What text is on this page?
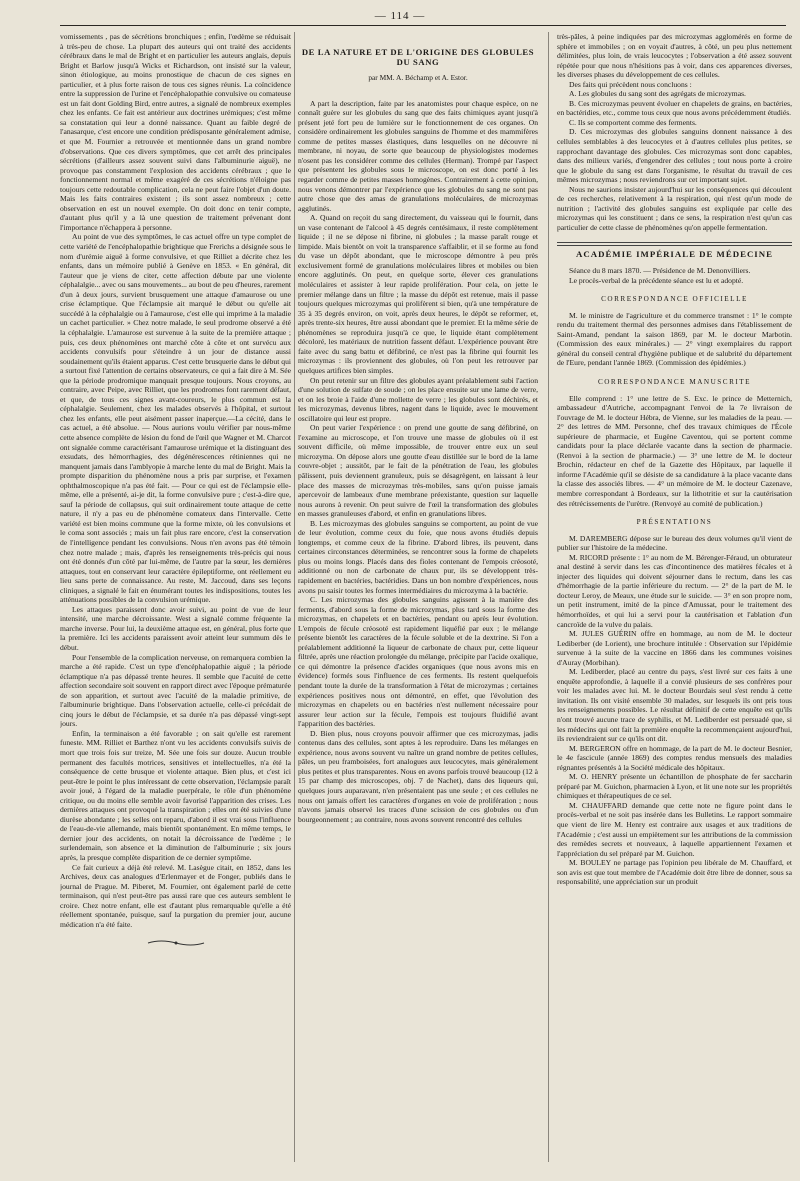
— 114 —

vomissements , pas de sécrétions bronchiques ; enfin, l'œdème se réduisait à très-peu de chose. La plupart des auteurs qui ont traité des accidents cérébraux dans le mal de Bright et en particulier les auteurs anglais, depuis Bright et Barlow jusqu'à Wicks et Richardson, ont insisté sur la valeur, sinon étiologique, au moins pronostique de chacun de ces signes en particulier, et à plus forte raison de tous ces signes réunis. La coïncidence entre la suppression de l'urine et l'encéphalopathie convulsive ou comateuse est un fait dont Golding Bird, entre autres, a signalé de nombreux exemples chez les enfants. Ce fait est antérieur aux doctrines urémiques; c'est même sa constatation qui leur a donné naissance. Quant au faible degré de l'anasarque, c'est encore une condition prédisposante généralement admise, et que M. Fournier a retrouvée et mentionnée dans un grand nombre d'observations. Que ces divers symptômes, que cet arrêt des principales sécrétions (d'ailleurs assez souvent suivi dans l'albuminurie aiguë), ne provoque pas constamment l'explosion des accidents cérébraux ; que le fonctionnement normal et même exagéré de ces sécrétions n'éloigne pas toujours cette redoutable complication, cela ne peut faire l'objet d'un doute. Mais les faits contraires existent ; ils sont assez nombreux ; cette observation en est un nouvel exemple. On doit donc en tenir compte, d'autant plus qu'il y a là une question de traitement prévenant dont l'importance n'échappera à personne.

Au point de vue des symptômes, le cas actuel offre un type complet de cette variété de l'encéphalopathie brightique que Frerichs a désignée sous le nom d'urémie aiguë à forme convulsive, et que Rilliet a décrite chez les enfants, dans un mémoire publié à Genève en 1853. « En général, dit l'auteur que je viens de citer, cette affection débute par une violente céphalalgie... avec ou sans mouvements... au bout de peu d'heures, rarement d'un à deux jours, survient brusquement une attaque d'amaurose ou une crise éclamptique. Que l'éclampsie ait marqué le début ou qu'elle ait succédé à la céphalalgie ou à l'amaurose, c'est elle qui imprime à la maladie un cachet particulier. » Chez notre malade, le seul prodrome observé a été la céphalalgie. L'amaurose est survenue à la suite de la première attaque ; puis, ces deux phénomènes ont marché côte à côte et ont survécu aux accidents convulsifs pour s'éteindre à un jour de distance aussi soudainement qu'ils étaient apparus. C'est cette brusquerie dans le début qui a surtout fixé l'attention de certains observateurs, ce qui a fait dire à M. Sée que la période prodromique manquait presque toujours. Nous croyons, au contraire, avec Peipe, avec Rilliet, que les prodromes font rarement défaut, et que, de tous ces signes avant-coureurs, le plus commun est la céphalalgie. Seulement, chez les malades observés à l'hôpital, et surtout chez les enfants, elle peut aisément passer inaperçue.—La cécité, dans le cas actuel, a été absolue. — Nous aurions voulu vérifier par nous-même cette absence complète de lésion du fond de l'œil que Wagner et M. Charcot ont signalée comme caractérisant l'amaurose urémique et la distinguant des exsudats, des hémorrhagies, des dégénérescences rétiniennes qui ne manquent jamais dans l'amblyopie à marche lente du mal de Bright. Mais la prompte disparition du phénomène nous a pris par surprise, et l'examen ophthalmoscopique n'a pas été fait. — Pour ce qui est de l'éclampsie elle-même, elle a présenté, ai-je dit, la forme convulsive pure ; c'est-à-dire que, sauf la période de collapsus, qui suit ordinairement toute attaque de cette nature, il n'y a pas eu de phénomène comateux dans l'intervalle. Cette variété est bien moins commune que la forme mixte, où les convulsions et le coma sont associés ; mais un fait plus rare encore, c'est la conservation de l'intelligence pendant les convulsions. Nous n'en avons pas été témoin chez notre malade ; mais, d'après les renseignements très-précis qui nous ont été donnés d'un côté par lui-même, de l'autre par la sœur, les dernières attaques, tout en conservant leur caractère épileptiforme, ont réellement eu lieu sans perte de connaissance. Au reste, M. Jaccoud, dans ses leçons cliniques, a signalé le fait en énumérant toutes les indispositions, toutes les atténuations possibles de la convulsion urémique.

Les attaques paraissent donc avoir suivi, au point de vue de leur intensité, une marche décroissante. West a signalé comme fréquente la marche inverse. Pour lui, la deuxième attaque est, en général, plus forte que la première. Ici les accidents paraissent avoir atteint leur summum dès le début.

Pour l'ensemble de la complication nerveuse, on remarquera combien la marche a été rapide. C'est un type d'encéphalopathie aiguë ; la période éclamptique n'a pas dépassé trente heures. Il semble que l'acuité de cette affection secondaire soit souvent en rapport direct avec l'époque prématurée de son apparition, et surtout avec l'acuité de la maladie primitive, de l'albuminurie brightique. Dans l'observation actuelle, celle-ci précédait de cinq jours le début de l'éclampsie, et sa durée n'a pas dépassé vingt-sept jours.

Enfin, la terminaison a été favorable ; on sait qu'elle est rarement funeste. MM. Rilliet et Barthez n'ont vu les accidents convulsifs suivis de mort que trois fois sur treize, M. Sée une fois sur douze. Aucun trouble permanent des facultés motrices, sensitives et intellectuelles, n'a été la conséquence de cette brusque et violente attaque. Bien plus, et c'est ici peut-être le point le plus intéressant de cette observation, l'éclampsie paraît avoir joué, à l'égard de la maladie puerpérale, le rôle d'un phénomène critique, ou du moins elle semble avoir favorisé l'apparition des crises. Les dernières attaques ont provoqué la transpiration ; elles ont été suivies d'une diurèse abondante ; les selles ont reparu, d'abord il est vrai sous l'influence de l'eau-de-vie allemande, mais bientôt spontanément. En même temps, le dernier jour des accidents, on notait la décroissance de l'œdème ; le surlendemain, son absence et la diminution de l'albuminurie ; six jours après, la presque complète disparition de ce dernier symptôme.

Ce fait curieux a déjà été relevé. M. Lasègue citait, en 1852, dans les Archives, deux cas analogues d'Erlenmayer et de Fonger, publiés dans le journal de Prague. M. Piberet, M. Fournier, ont également parlé de cette terminaison, qui n'est peut-être pas aussi rare que ces auteurs semblent le croire. Chez notre enfant, elle est d'autant plus remarquable qu'elle a été réellement spontanée, puisque, sauf la purgation du premier jour, aucune médication n'a été faite.

DE LA NATURE ET DE L'ORIGINE DES GLOBULES DU SANG
par MM. A. Béchamp et A. Estor.

A part la description, faite par les anatomistes pour chaque espèce, on ne connaît guère sur les globules du sang que des faits chimiques ayant jusqu'à présent jeté fort peu de lumière sur le fonctionnement de ces organes. On considère ordinairement les globules sanguins de l'homme et des mammifères comme de petites masses élastiques, dans lesquelles on ne découvre ni membrane, ni noyau, de sorte que beaucoup de physiologistes modernes n'osent pas les considérer comme des cellules (Herman). Trompé par l'aspect que présentent les globules sous le microscope, on est donc porté à les regarder comme de petites masses homogènes. Contrairement à cette opinion, nous venons démontrer par l'expérience que les globules du sang ne sont pas autre chose que des amas de granulations moléculaires, de microzymas agglutinés.

A. Quand on reçoit du sang directement, du vaisseau qui le fournit, dans un vase contenant de l'alcool à 45 degrés centésimaux, il reste complètement liquide ; il ne se dépose ni fibrine, ni globules ; la masse paraît rouge et limpide. Mais bientôt on voit la transparence s'affaiblir, et il se forme au fond du vase un dépôt abondant, que le microscope démontre à peu près exclusivement formé de granulations moléculaires libres et mobiles ou bien encore agglutinés. On peut, en quelque sorte, élever ces granulations moléculaires et assister à leur rapide prolifération. Pour cela, on jette le premier mélange dans un filtre ; la masse du dépôt est retenue, mais il passe toujours quelques microzymas qui prolifèrent si bien, qu'à une température de 35 à 35 degrés environ, on voit, après deux heures, le dépôt se reformer, et, après trente-six heures, être aussi abondant que le premier. Et la même série de phénomènes se reproduira jusqu'à ce que, le liquide étant complètement décoloré, les matériaux de nutrition fassent défaut. L'expérience pouvant être faite avec du sang battu et défibriné, ce n'est pas la fibrine qui fournit les microzymas : ils proviennent des globules, où l'on peut les retrouver par quelques artifices bien simples.

On peut retenir sur un filtre des globules ayant préalablement subi l'action d'une solution de sulfate de soude ; on les place ensuite sur une lame de verre, et on les broie à l'aide d'une mollette de verre ; les globules sont déchirés, et les microzymas, devenus libres, nagent dans le liquide, avec le mouvement oscillatoire qui leur est propre.

On peut varier l'expérience : on prend une goutte de sang défibriné, on l'examine au microscope, et l'on trouve une masse de globules où il est souvent difficile, où même impossible, de trouver entre eux un seul microzyma. On dépose alors une goutte d'eau distillée sur le bord de la lame couvre-objet ; aussitôt, par le fait de la pénétration de l'eau, les globules pâlissent, puis deviennent granuleux, puis se désagrègent, en laissant à leur place des masses de microzymas très-mobiles, sans qu'on puisse jamais apercevoir de lambeaux d'une membrane préexistante, question sur laquelle nous aurons à revenir. On peut suivre de l'œil la transformation des globules en masses granuleuses d'abord, et enfin en granulations libres.

B. Les microzymas des globules sanguins se comportent, au point de vue de leur évolution, comme ceux du foie, que nous avons étudiés depuis longtemps, et comme ceux de la fibrine. D'abord libres, ils peuvent, dans certaines circonstances déterminées, se rencontrer sous la forme de chapelets plus ou moins longs. Placés dans des fioles contenant de l'empois créosoté, additionné ou non de carbonate de chaux pur, ils se développent très-rapidement en bactéries, bactéridies. Dans un bon nombre d'expériences, nous avons pu saisir toutes les formes intermédiaires du microzyma à la bactérie.

C. Les microzymas des globules sanguins agissent à la manière des ferments, d'abord sous la forme de microzymas, plus tard sous la forme des microzymas, en chapelets et en bactéries, pendant ou après leur évolution. L'empois de fécule créosoté est rapidement liquéfié par eux ; le mélange présente bientôt les caractères de la fécule soluble et de la dextrine. Si l'on a préalablement additionné la liqueur de carbonate de chaux pur, cette liqueur filtrée, après une réaction prolongée du mélange, précipite par l'acide oxalique, ce qui démontre la présence d'acides organiques (que nous avons mis en évidence) formés sous l'influence de ces ferments. Ils restent quelquefois pendant toute la durée de la transformation à l'état de microzymas ; certaines expériences positives nous ont démontré, en effet, que l'évolution des microzymas en chapelets ou en bactéries n'est nullement nécessaire pour assurer leur action sur la fécule, l'empois est toujours fluidifié avant l'apparition des bactéries.

D. Bien plus, nous croyons pouvoir affirmer que ces microzymas, jadis contenus dans des cellules, sont aptes à les reproduire. Dans les mélanges en expérience, nous avons souvent vu naître un grand nombre de petites cellules, pâles, un peu framboisées, fort analogues aux leucocytes, mais généralement plus petites et plus transparentes. Nous en avons parfois trouvé beaucoup (12 à 15 par champ des microscopes, obj. 7 de Nachet), dans des liqueurs qui, quelques jours auparavant, n'en présentaient pas une seule ; et ces cellules ne nous ont jamais offert les caractères d'organes en voie de prolifération ; nous n'avons jamais observé les traces d'une scission de ces globules ou d'un bourgeonnement ; au contraire, nous avons souvent rencontré des cellules

très-pâles, à peine indiquées par des microzymas agglomérés en forme de sphère et immobiles ; on en voyait d'autres, à côté, un peu plus nettement délimitées, plus loin, de vrais leucocytes ; l'observation a été assez souvent répétée pour que nous n'hésitions pas à voir, dans ces apparences diverses, les diverses phases du développement de ces cellules.

Des faits qui précèdent nous concluons :

A. Les globules du sang sont des agrégats de microzymas.

B. Ces microzymas peuvent évoluer en chapelets de grains, en bactéries, en bactéridies, etc., comme tous ceux que nous avons précédemment étudiés.

C. Ils se comportent comme des ferments.

D. Ces microzymas des globules sanguins donnent naissance à des cellules semblables à des leucocytes et à d'autres cellules plus petites, se rapprochant davantage des globules. Ces microzymas sont donc capables, dans des milieux variés, d'engendrer des cellules ; tout nous porte à croire que le globule du sang est dans l'organisme, le résultat du travail de ces mêmes microzymas ; nous reviendrons sur cet important sujet.

Nous ne saurions insister aujourd'hui sur les conséquences qui découlent de ces recherches, relativement à la respiration, qui n'est qu'un mode de nutrition ; l'activité des globules sanguins est expliquée par celle des microzymas qui les constituent ; dans ce sens, la respiration n'est qu'un cas particulier de cette classe de phénomènes qu'on appelle fermentation.

ACADÉMIE IMPÉRIALE DE MÉDECINE

Séance du 8 mars 1870. — Présidence de M. Denonvilliers.

Le procès-verbal de la précédente séance est lu et adopté.

CORRESPONDANCE OFFICIELLE

M. le ministre de l'agriculture et du commerce transmet : 1° le compte rendu du traitement thermal des personnes admises dans l'établissement de Saint-Amand, pendant la saison 1869, par M. le docteur Marbotin. (Commission des eaux minérales.) — 2° vingt exemplaires du rapport général du conseil central d'hygiène publique et de salubrité du département de l'Eure, pendant l'année 1869. (Commission des épidémies.)

CORRESPONDANCE MANUSCRITE

Elle comprend : 1° une lettre de S. Exc. le prince de Metternich, ambassadeur d'Autriche, accompagnant l'envoi de la 7e livraison de l'ouvrage de M. le docteur Hébra, de Vienne, sur les maladies de la peau. — 2° des lettres de MM. Personne, chef des travaux chimiques de l'École supérieure de pharmacie, et Eugène Caventou, qui se portent comme candidats pour la place déclarée vacante dans la section de pharmacie. (Renvoi à la section de pharmacie.) — 3° une lettre de M. le docteur Brochin, rédacteur en chef de la Gazette des Hôpitaux, par laquelle il informe l'Académie qu'il se désiste de sa candidature à la place vacante dans la classe des associés libres. — 4° un mémoire de M. le docteur Cazenave, membre correspondant à Bordeaux, sur la lithotritie et sur la cautérisation des rétrécissements de l'urètre. (Renvoyé au comité de publication.)

PRÉSENTATIONS

M. DAREMBERG dépose sur le bureau des deux volumes qu'il vient de publier sur l'histoire de la médecine.

M. RICORD présente : 1° au nom de M. Bérenger-Féraud, un obturateur anal destiné à servir dans les cas d'incontinence des matières fécales et à injecter des liquides qui doivent séjourner dans le rectum, dans les cas d'hémorrhagie de la partie inférieure du rectum. — 2° de la part de M. le docteur Leroy, de Meaux, une étude sur le suicide. — 3° en son propre nom, un petit instrument, imité de la pince d'Amussat, pour le traitement des hémorrhoïdes, et qui lui a servi pour la cautérisation et l'ablation d'un cancroïde de la vulve du palais.

M. JULES GUÉRIN offre en hommage, au nom de M. le docteur Lediberber (de Lorient), une brochure intitulée : Observation sur l'épidémie survenue à la suite de la vaccine en 1866 dans les communes voisines d'Auray (Morbihan).

M. Lediberder, placé au centre du pays, s'est livré sur ces faits à une enquête approfondie, à laquelle il a convié plusieurs de ses confrères pour voir les malades avec lui. M. le docteur Bourdais seul s'est rendu à cette invitation. Ils ont visité ensemble 30 malades, sur lesquels ils ont pris tous les renseignements possibles. Le résultat définitif de cette enquête est qu'ils n'ont trouvé aucune trace de syphilis, et M. Lediberder est persuadé que, si les médecins qui ont fait la première enquête la recommençaient aujourd'hui, ils reviendraient sur ce qu'ils ont dit.

M. BERGERON offre en hommage, de la part de M. le docteur Besnier, le 4e fascicule (année 1869) des comptes rendus mensuels des maladies régnantes présentés à la Société médicale des hôpitaux.

M. O. HENRY présente un échantillon de phosphate de fer saccharin préparé par M. Guichon, pharmacien à Lyon, et lit une note sur les propriétés chimiques et thérapeutiques de ce sel.

M. CHAUFFARD demande que cette note ne figure point dans le procès-verbal et ne soit pas insérée dans les Bulletins. Le rapport sommaire que vient de lire M. Henry est contraire aux usages et aux traditions de l'Académie ; c'est aussi un empiètement sur les attributions de la commission des remèdes secrets et nouveaux, à laquelle appartiennent l'examen et l'appréciation du sel préparé par M. Guichon.

M. BOULEY ne partage pas l'opinion peu libérale de M. Chauffard, et son avis est que tout membre de l'Académie doit être libre de donner, sous sa responsabilité, une appréciation sur un produit
